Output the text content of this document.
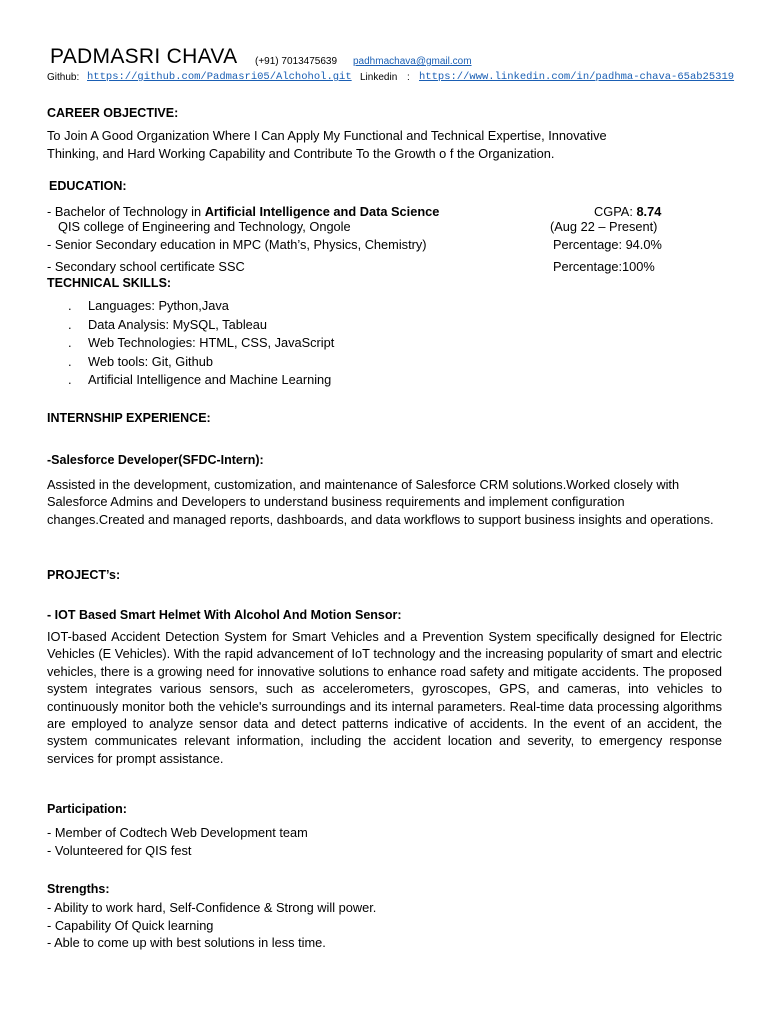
PADMASRI CHAVA (+91) 7013475639 padhmachava@gmail.com
Github: https://github.com/Padmasri05/Alchohol.git Linkedin : https://www.linkedin.com/in/padhma-chava-65ab25319
CAREER OBJECTIVE:
To Join A Good Organization Where I Can Apply My Functional and Technical Expertise, Innovative
Thinking, and Hard Working Capability and Contribute To the Growth o f the Organization.
EDUCATION:
- Bachelor of Technology in Artificial Intelligence and Data Science	CGPA: 8.74
QIS college of Engineering and Technology, Ongole	(Aug 22 – Present)
- Senior Secondary education in MPC (Math’s, Physics, Chemistry)	Percentage: 94.0%
- Secondary school certificate SSC	Percentage:100%
TECHNICAL SKILLS:
. Languages: Python,Java
. Data Analysis: MySQL, Tableau
. Web Technologies: HTML, CSS, JavaScript
. Web tools: Git, Github
. Artificial Intelligence and Machine Learning
INTERNSHIP EXPERIENCE:
-Salesforce Developer(SFDC-Intern):
Assisted in the development, customization, and maintenance of Salesforce CRM solutions.Worked closely with Salesforce Admins and Developers to understand business requirements and implement configuration changes.Created and managed reports, dashboards, and data workflows to support business insights and operations.
PROJECT’s:
- IOT Based Smart Helmet With Alcohol And Motion Sensor:
IOT-based Accident Detection System for Smart Vehicles and a Prevention System specifically designed for Electric Vehicles (E Vehicles). With the rapid advancement of IoT technology and the increasing popularity of smart and electric vehicles, there is a growing need for innovative solutions to enhance road safety and mitigate accidents. The proposed system integrates various sensors, such as accelerometers, gyroscopes, GPS, and cameras, into vehicles to continuously monitor both the vehicle's surroundings and its internal parameters. Real-time data processing algorithms are employed to analyze sensor data and detect patterns indicative of accidents. In the event of an accident, the system communicates relevant information, including the accident location and severity, to emergency response services for prompt assistance.
Participation:
- Member of Codtech Web Development team
- Volunteered for QIS fest
Strengths:
- Ability to work hard, Self-Confidence & Strong will power.
- Capability Of Quick learning
- Able to come up with best solutions in less time.
